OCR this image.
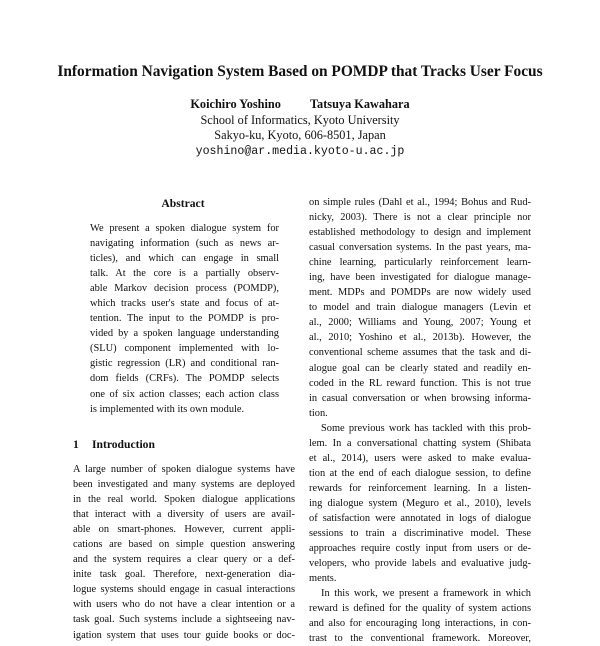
Information Navigation System Based on POMDP that Tracks User Focus
Koichiro Yoshino Tatsuya Kawahara
School of Informatics, Kyoto University
Sakyo-ku, Kyoto, 606-8501, Japan
yoshino@ar.media.kyoto-u.ac.jp
Abstract
We present a spoken dialogue system for
navigating information (such as news ar-
ticles), and which can engage in small
talk. At the core is a partially observ-
able Markov decision process (POMDP),
which tracks user's state and focus of at-
tention. The input to the POMDP is pro-
vided by a spoken language understanding
(SLU) component implemented with lo-
gistic regression (LR) and conditional ran-
dom fields (CRFs). The POMDP selects
one of six action classes; each action class
is implemented with its own module.
1 Introduction
A large number of spoken dialogue systems have
been investigated and many systems are deployed
in the real world. Spoken dialogue applications
that interact with a diversity of users are avail-
able on smart-phones. However, current appli-
cations are based on simple question answering
and the system requires a clear query or a def-
inite task goal. Therefore, next-generation dia-
logue systems should engage in casual interactions
with users who do not have a clear intention or a
task goal. Such systems include a sightseeing nav-
igation system that uses tour guide books or doc-
on simple rules (Dahl et al., 1994; Bohus and Rud-
nicky, 2003). There is not a clear principle nor
established methodology to design and implement
casual conversation systems. In the past years, ma-
chine learning, particularly reinforcement learn-
ing, have been investigated for dialogue manage-
ment. MDPs and POMDPs are now widely used
to model and train dialogue managers (Levin et
al., 2000; Williams and Young, 2007; Young et
al., 2010; Yoshino et al., 2013b). However, the
conventional scheme assumes that the task and di-
alogue goal can be clearly stated and readily en-
coded in the RL reward function. This is not true
in casual conversation or when browsing informa-
tion.
Some previous work has tackled with this prob-
lem. In a conversational chatting system (Shibata
et al., 2014), users were asked to make evalua-
tion at the end of each dialogue session, to define
rewards for reinforcement learning. In a listen-
ing dialogue system (Meguro et al., 2010), levels
of satisfaction were annotated in logs of dialogue
sessions to train a discriminative model. These
approaches require costly input from users or de-
velopers, who provide labels and evaluative judg-
ments.
In this work, we present a framework in which
reward is defined for the quality of system actions
and also for encouraging long interactions, in con-
trast to the conventional framework. Moreover,
